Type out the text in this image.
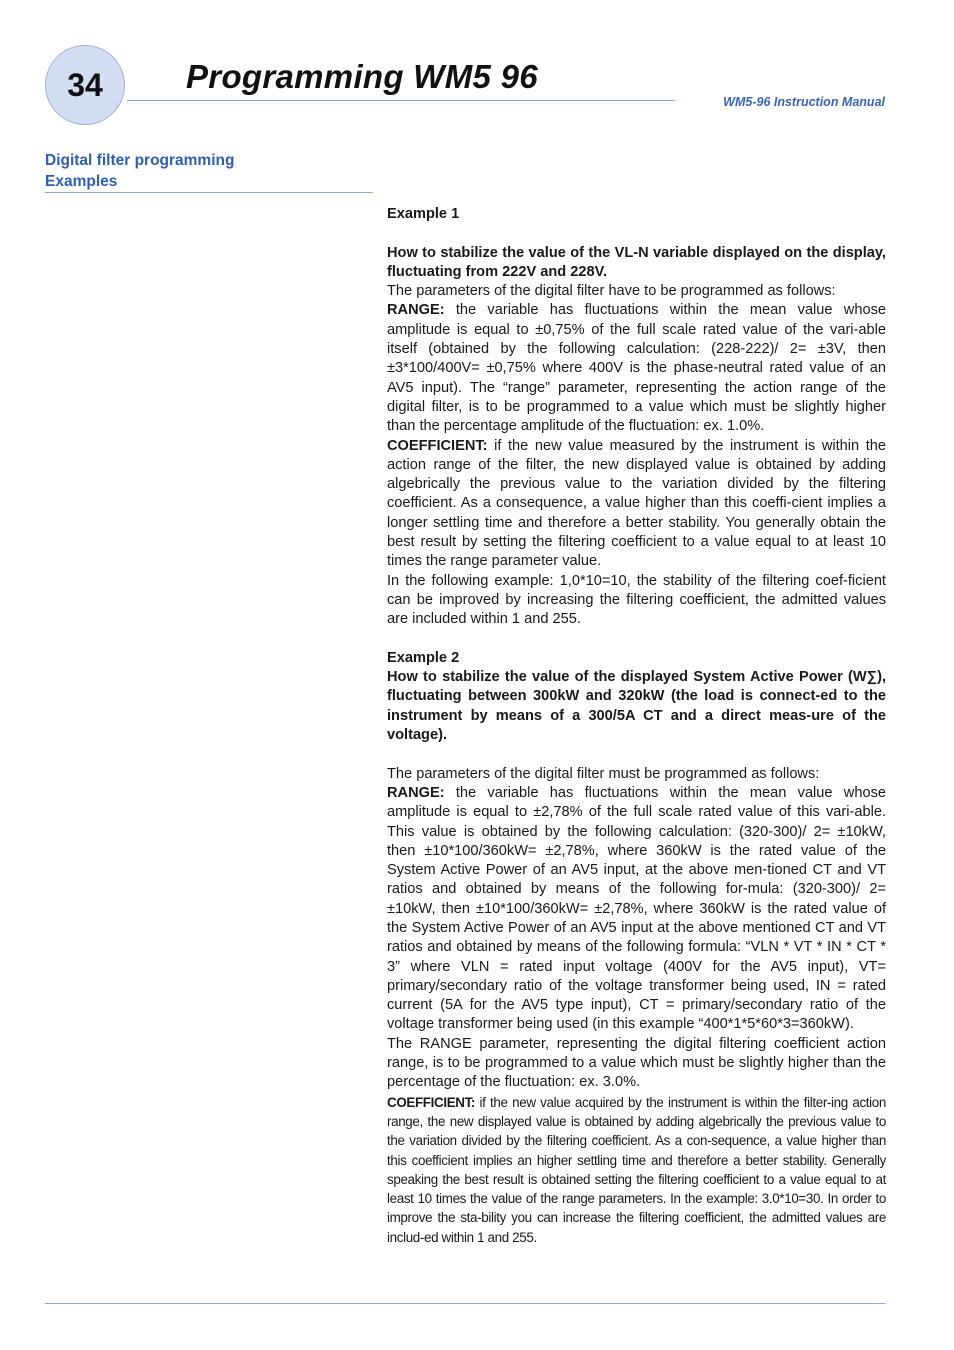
34	Programming WM5 96
WM5-96 Instruction Manual
Digital filter programming
Examples

Example 1

How to stabilize the value of the VL-N variable displayed on the display, fluctuating from 222V and 228V.

The parameters of the digital filter have to be programmed as follows:

RANGE: the variable has fluctuations within the mean value whose amplitude is equal to ±0,75% of the full scale rated value of the vari-able itself (obtained by the following calculation: (228-222)/ 2= ±3V, then ±3*100/400V= ±0,75% where 400V is the phase-neutral rated value of an AV5 input). The “range” parameter, representing the action range of the digital filter, is to be programmed to a value which must be slightly higher than the percentage amplitude of the fluctuation: ex. 1.0%.

COEFFICIENT: if the new value measured by the instrument is within the action range of the filter, the new displayed value is obtained by adding algebrically the previous value to the variation divided by the filtering coefficient. As a consequence, a value higher than this coeffi-cient implies a longer settling time and therefore a better stability. You generally obtain the best result by setting the filtering coefficient to a value equal to at least 10 times the range parameter value.

In the following example: 1,0*10=10, the stability of the filtering coef-ficient can be improved by increasing the filtering coefficient, the admitted values are included within 1 and 255.

Example 2

How to stabilize the value of the displayed System Active Power (W∑), fluctuating between 300kW and 320kW (the load is connect-ed to the instrument by means of a 300/5A CT and a direct meas-ure of the voltage).

The parameters of the digital filter must be programmed as follows:

RANGE: the variable has fluctuations within the mean value whose amplitude is equal to ±2,78% of the full scale rated value of this vari-able. This value is obtained by the following calculation: (320-300)/ 2= ±10kW, then ±10*100/360kW= ±2,78%, where 360kW is the rated value of the System Active Power of an AV5 input, at the above men-tioned CT and VT ratios and obtained by means of the following for-mula: (320-300)/ 2= ±10kW, then ±10*100/360kW= ±2,78%, where 360kW is the rated value of the System Active Power of an AV5 input at the above mentioned CT and VT ratios and obtained by means of the following formula: “VLN * VT * IN * CT * 3” where VLN = rated input voltage (400V for the AV5 input), VT= primary/secondary ratio of the voltage transformer being used, IN = rated current (5A for the AV5 type input), CT = primary/secondary ratio of the voltage transformer being used (in this example “400*1*5*60*3=360kW).

The RANGE parameter, representing the digital filtering coefficient action range, is to be programmed to a value which must be slightly higher than the percentage of the fluctuation: ex. 3.0%.

COEFFICIENT: if the new value acquired by the instrument is within the filter-ing action range, the new displayed value is obtained by adding algebrically the previous value to the variation divided by the filtering coefficient. As a con-sequence, a value higher than this coefficient implies an higher settling time and therefore a better stability. Generally speaking the best result is obtained setting the filtering coefficient to a value equal to at least 10 times the value of the range parameters. In the example: 3.0*10=30. In order to improve the sta-bility you can increase the filtering coefficient, the admitted values are includ-ed within 1 and 255.
